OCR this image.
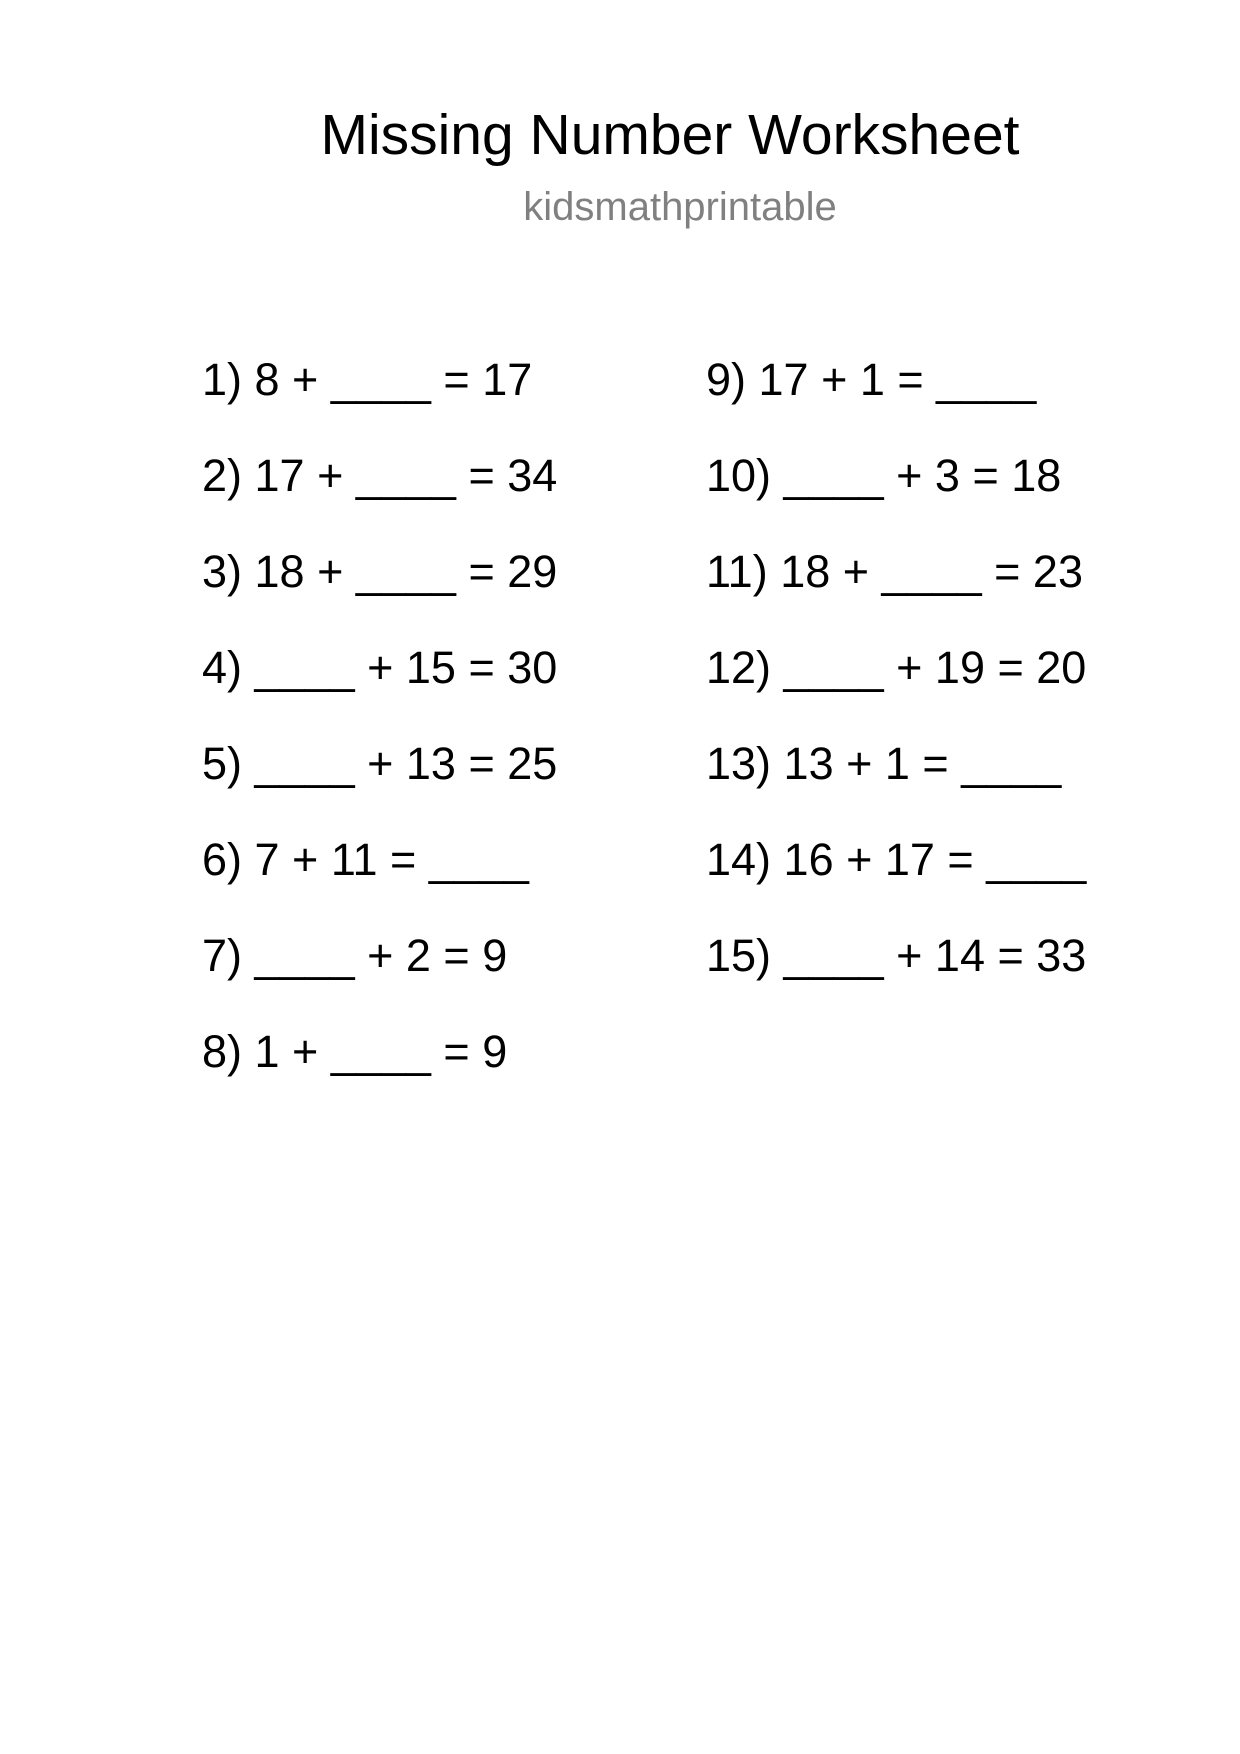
Missing Number Worksheet
kidsmathprintable
1) 8 + ____ = 17
2) 17 + ____ = 34
3) 18 + ____ = 29
4) ____ + 15 = 30
5) ____ + 13 = 25
6) 7 + 11 = ____
7) ____ + 2 = 9
8) 1 + ____ = 9
9) 17 + 1 = ____
10) ____ + 3 = 18
11) 18 + ____ = 23
12) ____ + 19 = 20
13) 13 + 1 = ____
14) 16 + 17 = ____
15) ____ + 14 = 33
